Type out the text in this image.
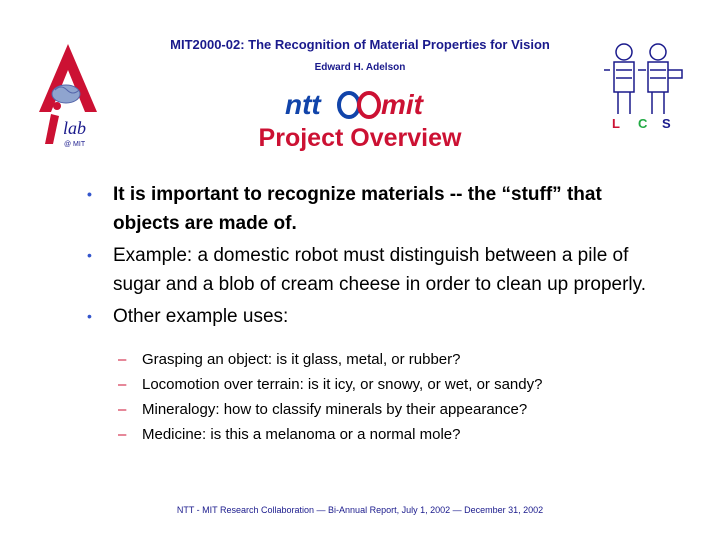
MIT2000-02: The Recognition of Material Properties for Vision
Edward H. Adelson
ntt mit
Project Overview
lab
@ MIT
L C S
• It is important to recognize materials -- the “stuff” that objects are made of.
• Example: a domestic robot must distinguish between a pile of sugar and a blob of cream cheese in order to clean up properly.
• Other example uses:
– Grasping an object: is it glass, metal, or rubber?
– Locomotion over terrain: is it icy, or snowy, or wet, or sandy?
– Mineralogy: how to classify minerals by their appearance?
– Medicine: is this a melanoma or a normal mole?
NTT - MIT Research Collaboration — Bi-Annual Report, July 1, 2002 — December 31, 2002
